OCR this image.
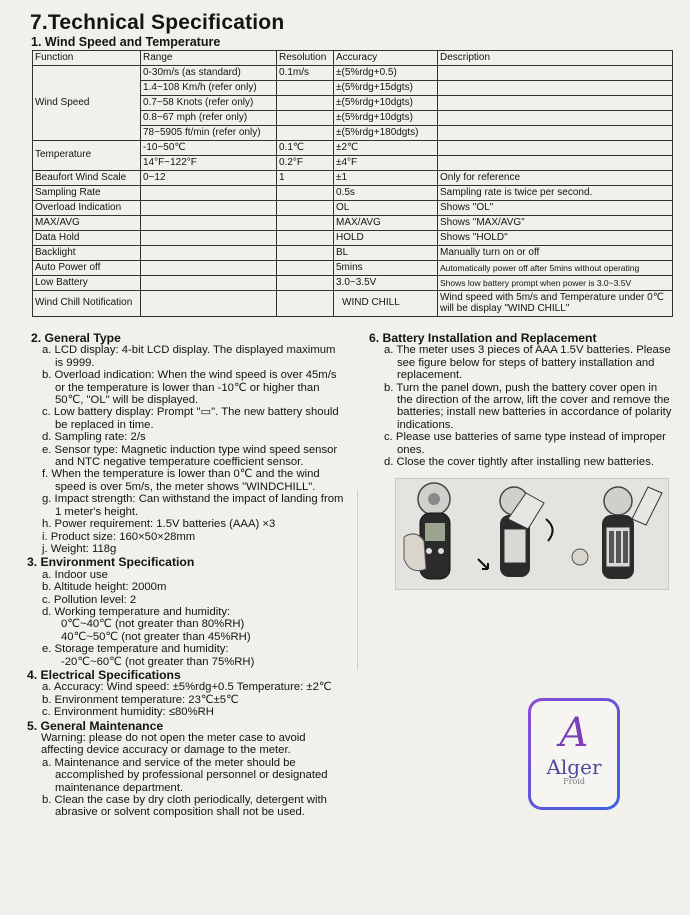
7.Technical Specification
1. Wind Speed and Temperature
Function	Range	Resolution	Accuracy	Description
Wind Speed	0-30m/s (as standard)	0.1m/s	±(5%rdg+0.5)	
	1.4~108 Km/h (refer only)		±(5%rdg+15dgts)	
	0.7~58 Knots (refer only)		±(5%rdg+10dgts)	
	0.8~67 mph (refer only)		±(5%rdg+10dgts)	
	78~5905 ft/min (refer only)		±(5%rdg+180dgts)	
Temperature	-10~50℃	0.1℃	±2℃	
	14°F~122°F	0.2°F	±4°F	
Beaufort Wind Scale	0~12	1	±1	Only for reference
Sampling Rate			0.5s	Sampling rate is twice per second.
Overload Indication			OL	Shows "OL"
MAX/AVG			MAX/AVG	Shows "MAX/AVG"
Data Hold			HOLD	Shows "HOLD"
Backlight			BL	Manually turn on or off
Auto Power off			5mins	Automatically power off after 5mins without operating
Low Battery			3.0~3.5V	Shows low battery prompt when power is 3.0~3.5V
Wind Chill Notification			WIND CHILL	Wind speed with 5m/s and Temperature under 0℃ will be display "WIND CHILL"
2. General Type
a. LCD display: 4-bit LCD display. The displayed maximum is 9999.
b. Overload indication: When the wind speed is over 45m/s or the temperature is lower than -10℃ or higher than 50℃, "OL" will be displayed.
c. Low battery display: Prompt "▭". The new battery should be replaced in time.
d. Sampling rate: 2/s
e. Sensor type: Magnetic induction type wind speed sensor and NTC negative temperature coefficient sensor.
f. When the temperature is lower than 0℃ and the wind speed is over 5m/s, the meter shows "WINDCHILL".
g. Impact strength: Can withstand the impact of landing from 1 meter's height.
h. Power requirement: 1.5V batteries (AAA) ×3
i. Product size: 160×50×28mm
j. Weight: 118g
3. Environment Specification
a. Indoor use
b. Altitude height: 2000m
c. Pollution level: 2
d. Working temperature and humidity:
0℃~40℃ (not greater than 80%RH)
40℃~50℃ (not greater than 45%RH)
e. Storage temperature and humidity:
-20℃~60℃ (not greater than 75%RH)
4. Electrical Specifications
a. Accuracy: Wind speed: ±5%rdg+0.5 Temperature: ±2℃
b. Environment temperature: 23℃±5℃
c. Environment humidity: ≤80%RH
5. General Maintenance
Warning: please do not open the meter case to avoid affecting device accuracy or damage to the meter.
a. Maintenance and service of the meter should be accomplished by professional personnel or designated maintenance department.
b. Clean the case by dry cloth periodically, detergent with abrasive or solvent composition shall not be used.
6. Battery Installation and Replacement
a. The meter uses 3 pieces of AAA 1.5V batteries. Please see figure below for steps of battery installation and replacement.
b. Turn the panel down, push the battery cover open in the direction of the arrow, lift the cover and remove the batteries; install new batteries in accordance of polarity indications.
c. Please use batteries of same type instead of improper ones.
d. Close the cover tightly after installing new batteries.
A
Alger
Froid
